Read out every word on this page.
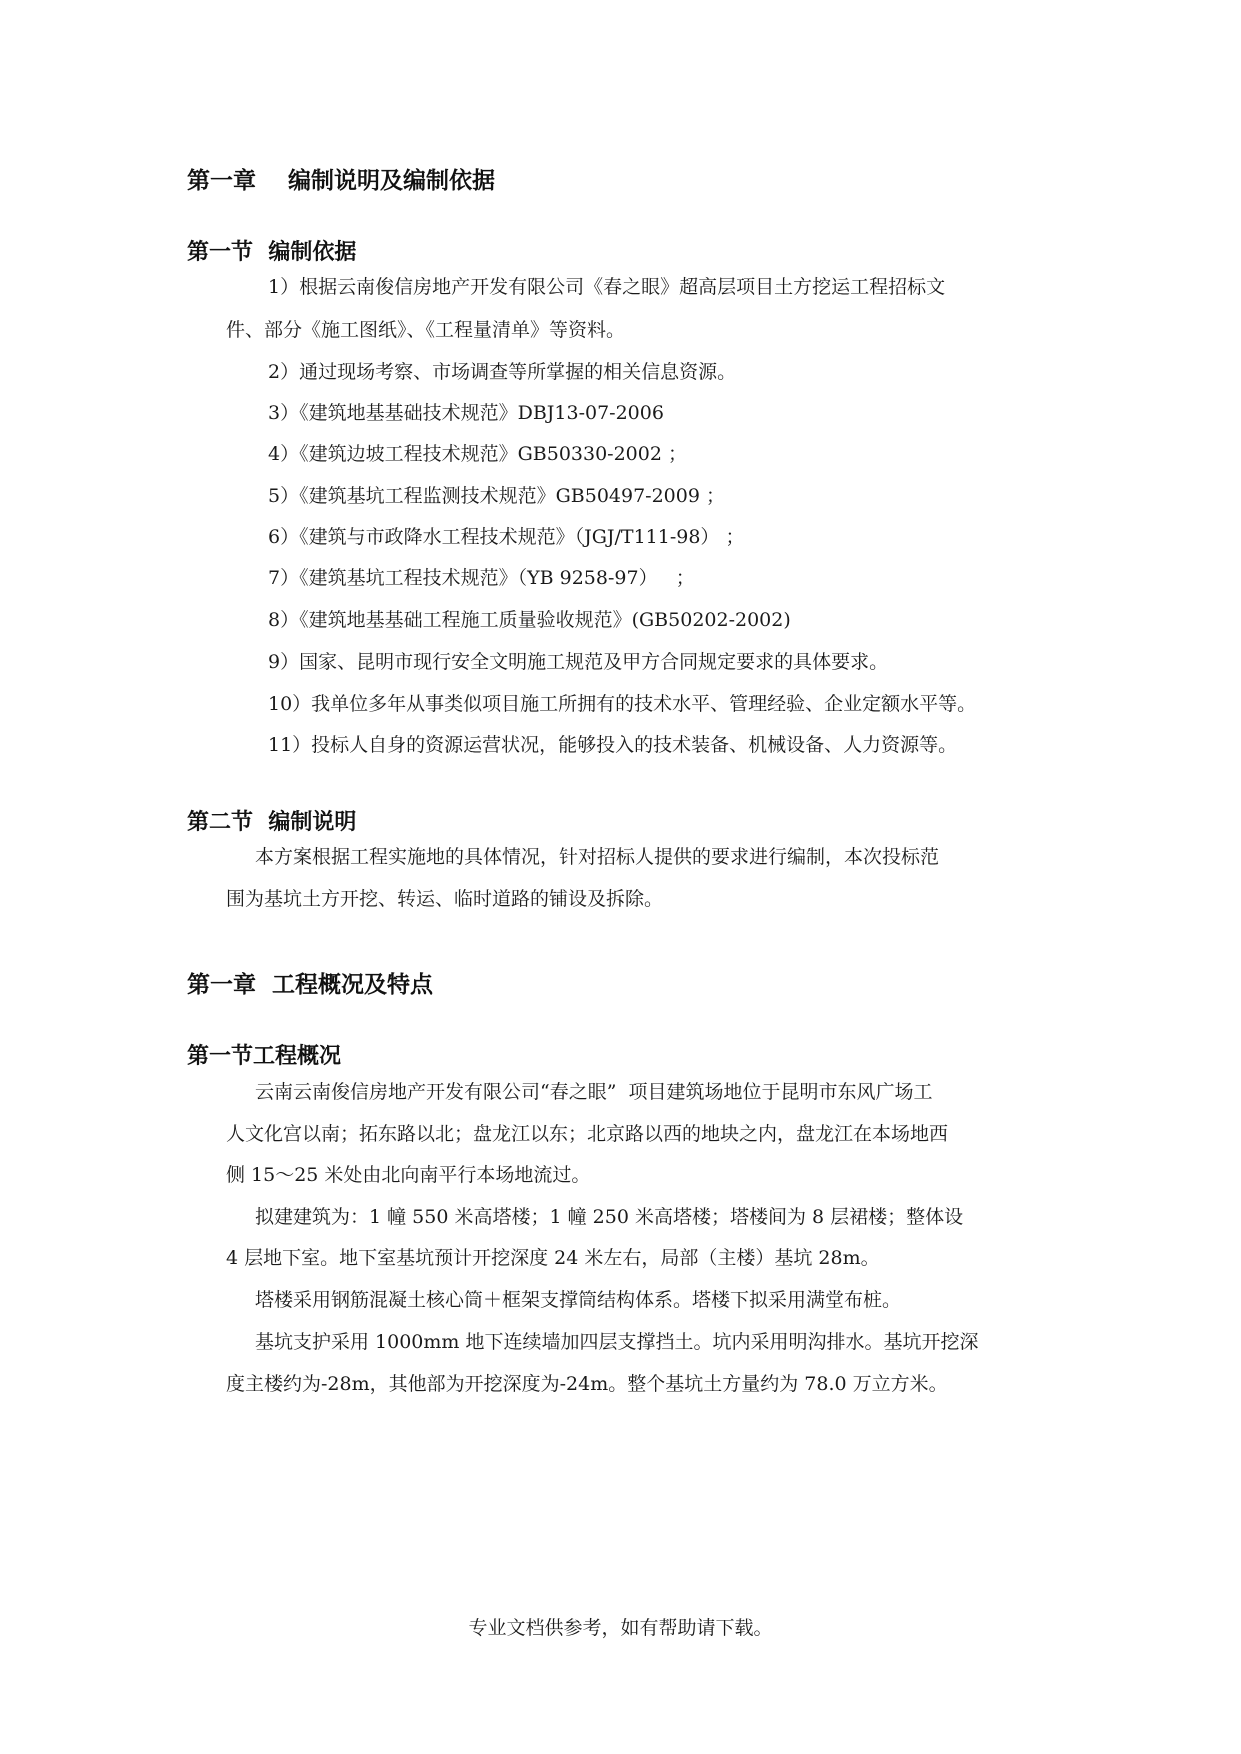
第一章    编制说明及编制依据
第一节  编制依据

1）根据云南俊信房地产开发有限公司《春之眼》超高层项目土方挖运工程招标文

件、部分《施工图纸》、《工程量清单》等资料。

2）通过现场考察、市场调查等所掌握的相关信息资源。

3）《建筑地基基础技术规范》DBJ13-07-2006

4）《建筑边坡工程技术规范》GB50330-2002 ；

5）《建筑基坑工程监测技术规范》GB50497-2009 ；

6）《建筑与市政降水工程技术规范》（JGJ/T111-98） ；

7）《建筑基坑工程技术规范》（YB 9258-97）   ；

8）《建筑地基基础工程施工质量验收规范》(GB50202-2002)

9）国家、昆明市现行安全文明施工规范及甲方合同规定要求的具体要求。

10）我单位多年从事类似项目施工所拥有的技术水平、管理经验、企业定额水平等。

11）投标人自身的资源运营状况，能够投入的技术装备、机械设备、人力资源等。

第二节  编制说明

本方案根据工程实施地的具体情况，针对招标人提供的要求进行编制，本次投标范

围为基坑土方开挖、转运、临时道路的铺设及拆除。

第一章  工程概况及特点
第一节工程概况

云南云南俊信房地产开发有限公司“春之眼”  项目建筑场地位于昆明市东风广场工

人文化宫以南；拓东路以北；盘龙江以东；北京路以西的地块之内，盘龙江在本场地西

侧 15～25 米处由北向南平行本场地流过。

拟建建筑为：1 幢 550 米高塔楼；1 幢 250 米高塔楼；塔楼间为 8 层裙楼；整体设

4 层地下室。地下室基坑预计开挖深度 24 米左右，局部（主楼）基坑 28m。

塔楼采用钢筋混凝土核心筒＋框架支撑筒结构体系。塔楼下拟采用满堂布桩。

基坑支护采用 1000mm 地下连续墙加四层支撑挡土。坑内采用明沟排水。基坑开挖深

度主楼约为-28m，其他部为开挖深度为-24m。整个基坑土方量约为 78.0 万立方米。

专业文档供参考，如有帮助请下载。
